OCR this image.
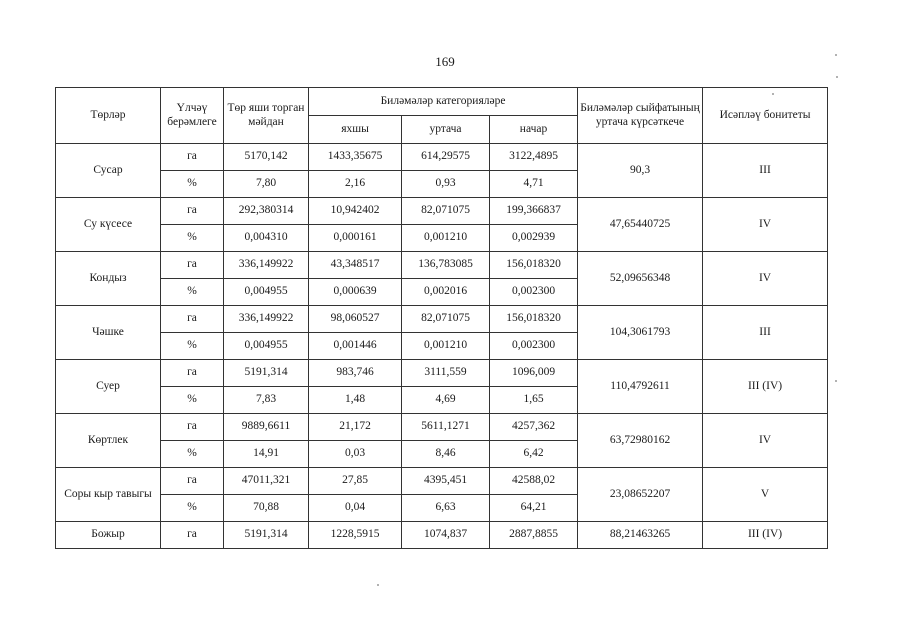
169
Төрләр	Үлчәү берәмлеге	Төр яши торган мәйдан	Биләмәләр категорияләре			Биләмәләр сыйфатының уртача күрсәткече	Исәпләү бонитеты
			яхшы	уртача	начар		
Сусар	га	5170,142	1433,35675	614,29575	3122,4895	90,3	III
	%	7,80	2,16	0,93	4,71		
Су күсесе	га	292,380314	10,942402	82,071075	199,366837	47,65440725	IV
	%	0,004310	0,000161	0,001210	0,002939		
Кондыз	га	336,149922	43,348517	136,783085	156,018320	52,09656348	IV
	%	0,004955	0,000639	0,002016	0,002300		
Чәшке	га	336,149922	98,060527	82,071075	156,018320	104,3061793	III
	%	0,004955	0,001446	0,001210	0,002300		
Суер	га	5191,314	983,746	3111,559	1096,009	110,4792611	III (IV)
	%	7,83	1,48	4,69	1,65		
Көртлек	га	9889,6611	21,172	5611,1271	4257,362	63,72980162	IV
	%	14,91	0,03	8,46	6,42		
Соры кыр тавыгы	га	47011,321	27,85	4395,451	42588,02	23,08652207	V
	%	70,88	0,04	6,63	64,21		
Божыр	га	5191,314	1228,5915	1074,837	2887,8855	88,21463265	III (IV)
